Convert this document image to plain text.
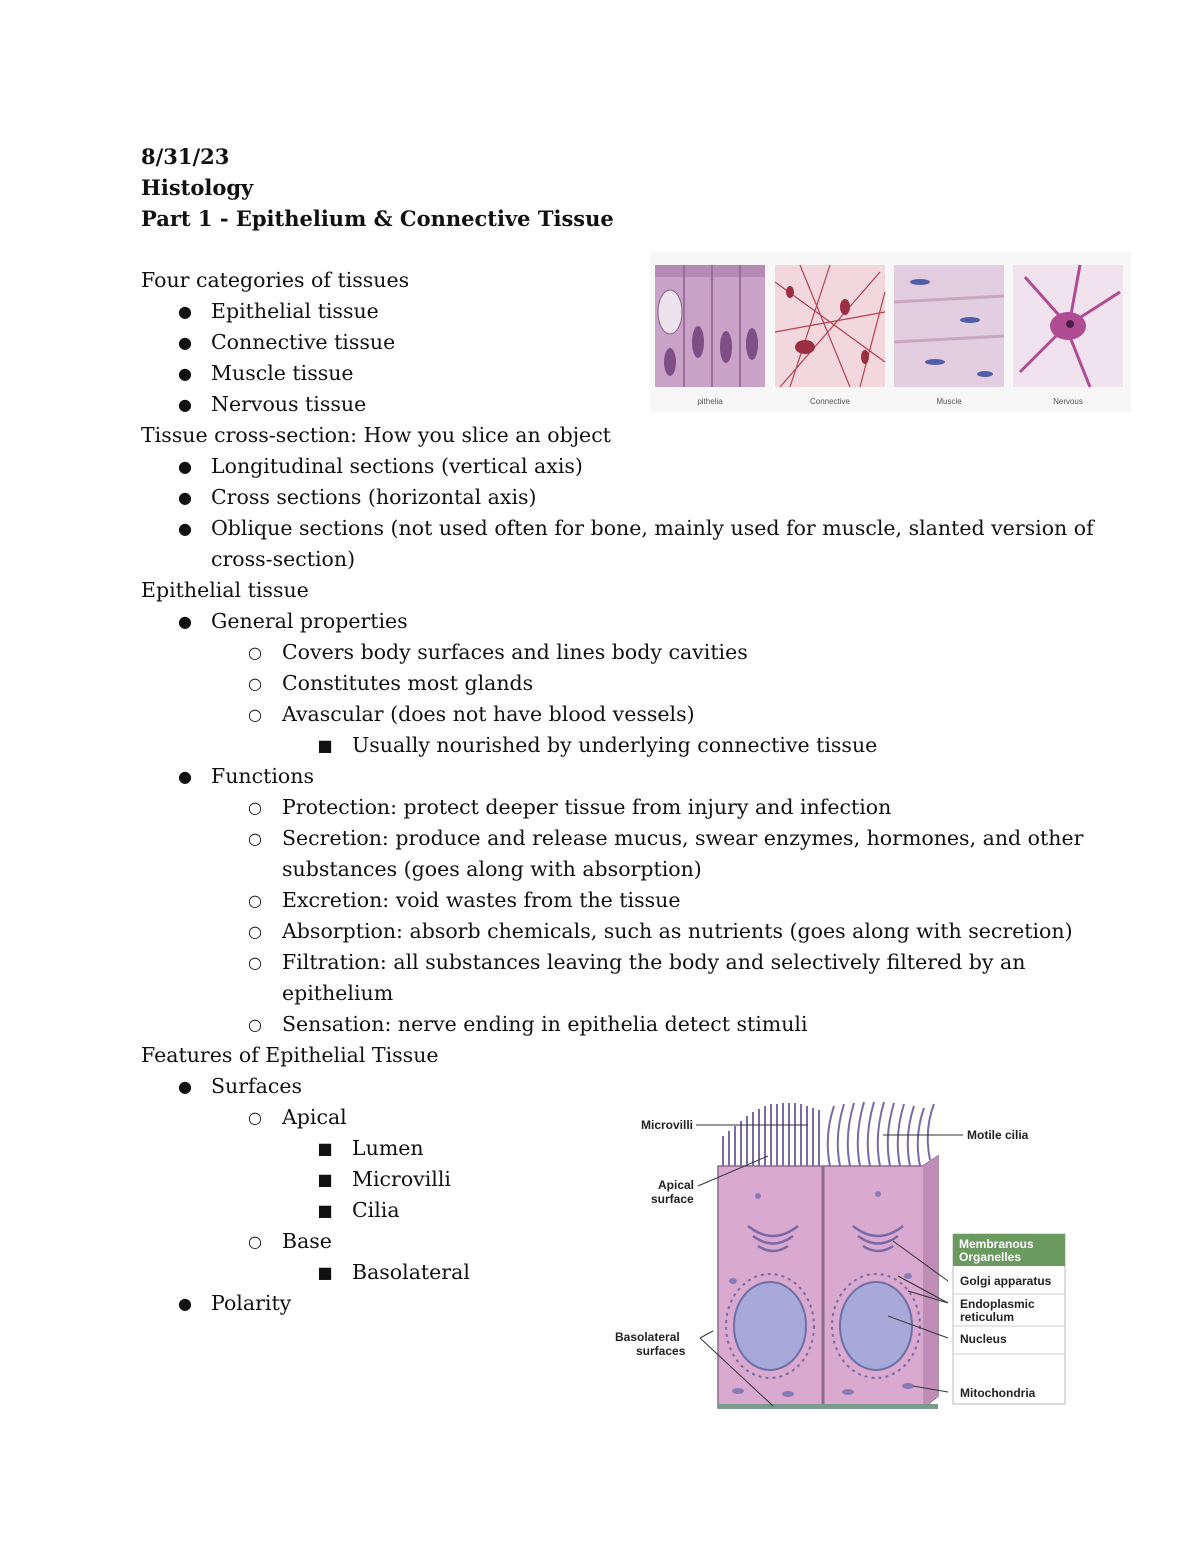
8/31/23
Histology
Part 1 - Epithelium & Connective Tissue
Four categories of tissues
● Epithelial tissue
● Connective tissue
● Muscle tissue
● Nervous tissue
Tissue cross-section: How you slice an object
● Longitudinal sections (vertical axis)
● Cross sections (horizontal axis)
● Oblique sections (not used often for bone, mainly used for muscle, slanted version of
cross-section)
Epithelial tissue
● General properties
○ Covers body surfaces and lines body cavities
○ Constitutes most glands
○ Avascular (does not have blood vessels)
■ Usually nourished by underlying connective tissue
● Functions
○ Protection: protect deeper tissue from injury and infection
○ Secretion: produce and release mucus, swear enzymes, hormones, and other
substances (goes along with absorption)
○ Excretion: void wastes from the tissue
○ Absorption: absorb chemicals, such as nutrients (goes along with secretion)
○ Filtration: all substances leaving the body and selectively filtered by an
epithelium
○ Sensation: nerve ending in epithelia detect stimuli
Features of Epithelial Tissue
● Surfaces
○ Apical
■ Lumen
■ Microvilli
■ Cilia
○ Base
■ Basolateral
● Polarity
pithelia	Connective	Muscle	Nervous
Microvilli
Motile cilia
Apical
surface
Basolateral
surfaces
Membranous
Organelles
Golgi apparatus
Endoplasmic
reticulum
Nucleus
Mitochondria
